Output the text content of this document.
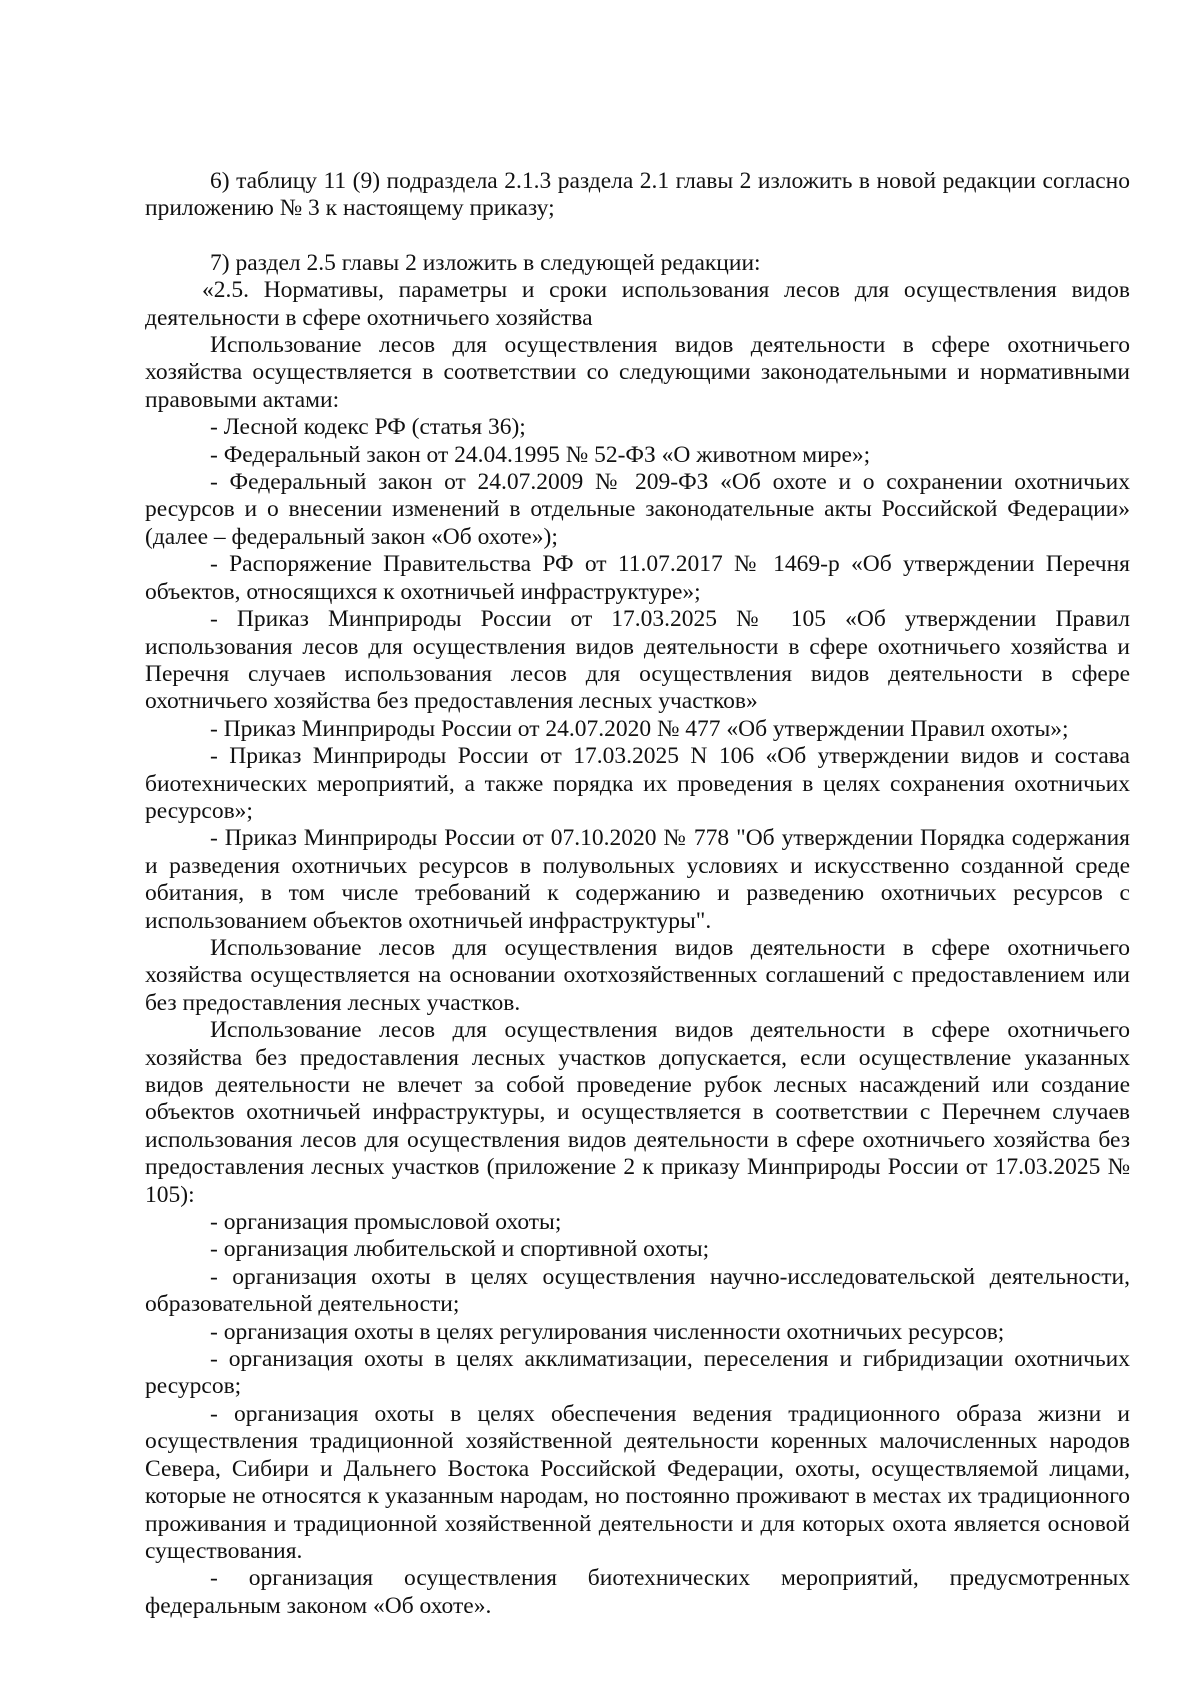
6) таблицу 11 (9) подраздела 2.1.3 раздела 2.1 главы 2 изложить в новой редакции согласно приложению № 3 к настоящему приказу;

7) раздел 2.5 главы 2 изложить в следующей редакции:

«2.5. Нормативы, параметры и сроки использования лесов для осуществления видов деятельности в сфере охотничьего хозяйства

Использование лесов для осуществления видов деятельности в сфере охотничьего хозяйства осуществляется в соответствии со следующими законодательными и нормативными правовыми актами:

- Лесной кодекс РФ (статья 36);

- Федеральный закон от 24.04.1995 № 52-ФЗ «О животном мире»;

- Федеральный закон от 24.07.2009 № 209-ФЗ «Об охоте и о сохранении охотничьих ресурсов и о внесении изменений в отдельные законодательные акты Российской Федерации» (далее – федеральный закон «Об охоте»);

- Распоряжение Правительства РФ от 11.07.2017 № 1469-р «Об утверждении Перечня объектов, относящихся к охотничьей инфраструктуре»;

- Приказ Минприроды России от 17.03.2025 № 105 «Об утверждении Правил использования лесов для осуществления видов деятельности в сфере охотничьего хозяйства и Перечня случаев использования лесов для осуществления видов деятельности в сфере охотничьего хозяйства без предоставления лесных участков»

- Приказ Минприроды России от 24.07.2020 № 477 «Об утверждении Правил охоты»;

- Приказ Минприроды России от 17.03.2025 N 106 «Об утверждении видов и состава биотехнических мероприятий, а также порядка их проведения в целях сохранения охотничьих ресурсов»;

- Приказ Минприроды России от 07.10.2020 № 778 "Об утверждении Порядка содержания и разведения охотничьих ресурсов в полувольных условиях и искусственно созданной среде обитания, в том числе требований к содержанию и разведению охотничьих ресурсов с использованием объектов охотничьей инфраструктуры".

Использование лесов для осуществления видов деятельности в сфере охотничьего хозяйства осуществляется на основании охотхозяйственных соглашений с предоставлением или без предоставления лесных участков.

Использование лесов для осуществления видов деятельности в сфере охотничьего хозяйства без предоставления лесных участков допускается, если осуществление указанных видов деятельности не влечет за собой проведение рубок лесных насаждений или создание объектов охотничьей инфраструктуры, и осуществляется в соответствии с Перечнем случаев использования лесов для осуществления видов деятельности в сфере охотничьего хозяйства без предоставления лесных участков (приложение 2 к приказу Минприроды России от 17.03.2025 № 105):

- организация промысловой охоты;

- организация любительской и спортивной охоты;

- организация охоты в целях осуществления научно-исследовательской деятельности, образовательной деятельности;

- организация охоты в целях регулирования численности охотничьих ресурсов;

- организация охоты в целях акклиматизации, переселения и гибридизации охотничьих ресурсов;

- организация охоты в целях обеспечения ведения традиционного образа жизни и осуществления традиционной хозяйственной деятельности коренных малочисленных народов Севера, Сибири и Дальнего Востока Российской Федерации, охоты, осуществляемой лицами, которые не относятся к указанным народам, но постоянно проживают в местах их традиционного проживания и традиционной хозяйственной деятельности и для которых охота является основой существования.

- организация осуществления биотехнических мероприятий, предусмотренных федеральным законом «Об охоте».
